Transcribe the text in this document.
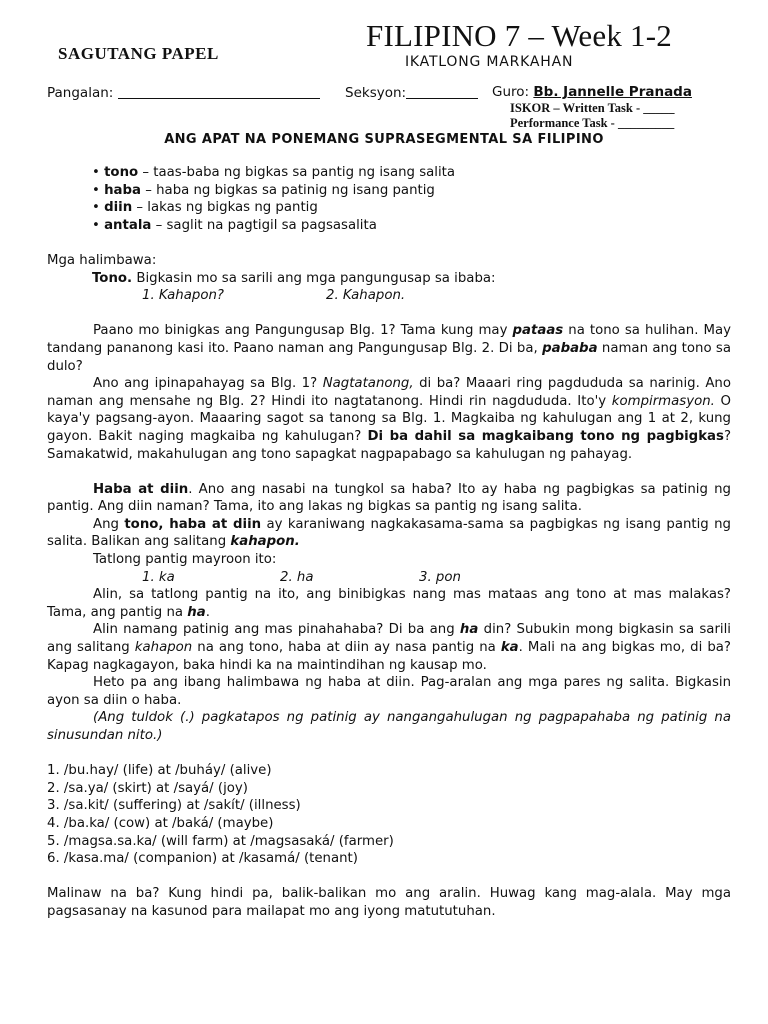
FILIPINO 7 – Week 1-2
SAGUTANG PAPEL	IKATLONG MARKAHAN
Pangalan:	Seksyon:	Guro: Bb. Jannelle Pranada
ISKOR – Written Task - _____
Performance Task - _________
ANG APAT NA PONEMANG SUPRASEGMENTAL SA FILIPINO

• tono – taas-baba ng bigkas sa pantig ng isang salita

• haba – haba ng bigkas sa patinig ng isang pantig

• diin – lakas ng bigkas ng pantig

• antala – saglit na pagtigil sa pagsasalita

Mga halimbawa:

Tono. Bigkasin mo sa sarili ang mga pangungusap sa ibaba:

1. Kahapon?	2. Kahapon.

Paano mo binigkas ang Pangungusap Blg. 1? Tama kung may pataas na tono sa hulihan. May tandang pananong kasi ito. Paano naman ang Pangungusap Blg. 2. Di ba, pababa naman ang tono sa dulo?

Ano ang ipinapahayag sa Blg. 1? Nagtatanong, di ba? Maaari ring pagdududa sa narinig. Ano naman ang mensahe ng Blg. 2? Hindi ito nagtatanong. Hindi rin nagdududa. Ito'y kompirmasyon. O kaya'y pagsang-ayon. Maaaring sagot sa tanong sa Blg. 1. Magkaiba ng kahulugan ang 1 at 2, kung gayon. Bakit naging magkaiba ng kahulugan? Di ba dahil sa magkaibang tono ng pagbigkas? Samakatwid, makahulugan ang tono sapagkat nagpapabago sa kahulugan ng pahayag.

Haba at diin. Ano ang nasabi na tungkol sa haba? Ito ay haba ng pagbigkas sa patinig ng pantig. Ang diin naman? Tama, ito ang lakas ng bigkas sa pantig ng isang salita.

Ang tono, haba at diin ay karaniwang nagkakasama-sama sa pagbigkas ng isang pantig ng salita. Balikan ang salitang kahapon.

Tatlong pantig mayroon ito:

1. ka	2. ha	3. pon

Alin, sa tatlong pantig na ito, ang binibigkas nang mas mataas ang tono at mas malakas? Tama, ang pantig na ha.

Alin namang patinig ang mas pinahahaba? Di ba ang ha din? Subukin mong bigkasin sa sarili ang salitang kahapon na ang tono, haba at diin ay nasa pantig na ka. Mali na ang bigkas mo, di ba? Kapag nagkagayon, baka hindi ka na maintindihan ng kausap mo.

Heto pa ang ibang halimbawa ng haba at diin. Pag-aralan ang mga pares ng salita. Bigkasin ayon sa diin o haba.

(Ang tuldok (.) pagkatapos ng patinig ay nangangahulugan ng pagpapahaba ng patinig na sinusundan nito.)

1. /bu.hay/ (life) at /buháy/ (alive)

2. /sa.ya/ (skirt) at /sayá/ (joy)

3. /sa.kit/ (suffering) at /sakít/ (illness)

4. /ba.ka/ (cow) at /baká/ (maybe)

5. /magsa.sa.ka/ (will farm) at /magsasaká/ (farmer)

6. /kasa.ma/ (companion) at /kasamá/ (tenant)

Malinaw na ba? Kung hindi pa, balik-balikan mo ang aralin. Huwag kang mag-alala. May mga pagsasanay na kasunod para mailapat mo ang iyong matututuhan.
